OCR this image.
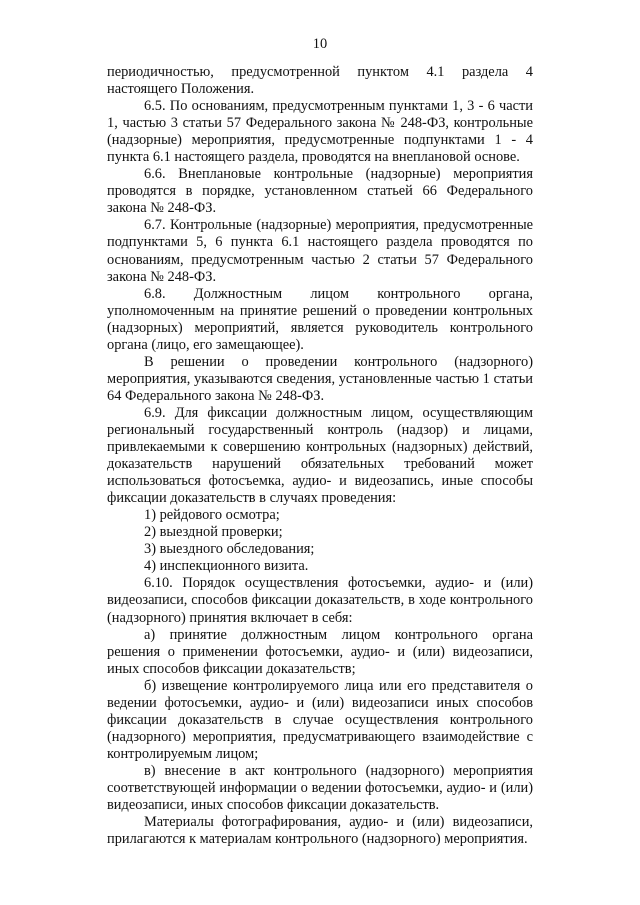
10

периодичностью, предусмотренной пунктом 4.1 раздела 4 настоящего Положения.

6.5. По основаниям, предусмотренным пунктами 1, 3 - 6 части 1, частью 3 статьи 57 Федерального закона № 248-ФЗ, контрольные (надзорные) мероприятия, предусмотренные подпунктами 1 - 4 пункта 6.1 настоящего раздела, проводятся на внеплановой основе.

6.6. Внеплановые контрольные (надзорные) мероприятия проводятся в порядке, установленном статьей 66 Федерального закона № 248-ФЗ.

6.7. Контрольные (надзорные) мероприятия, предусмотренные подпунктами 5, 6 пункта 6.1 настоящего раздела проводятся по основаниям, предусмотренным частью 2 статьи 57 Федерального закона № 248-ФЗ.

6.8. Должностным лицом контрольного органа, уполномоченным на принятие решений о проведении контрольных (надзорных) мероприятий, является руководитель контрольного органа (лицо, его замещающее).

В решении о проведении контрольного (надзорного) мероприятия, указываются сведения, установленные частью 1 статьи 64 Федерального закона № 248-ФЗ.

6.9. Для фиксации должностным лицом, осуществляющим региональный государственный контроль (надзор) и лицами, привлекаемыми к совершению контрольных (надзорных) действий, доказательств нарушений обязательных требований может использоваться фотосъемка, аудио- и видеозапись, иные способы фиксации доказательств в случаях проведения:

1) рейдового осмотра;

2) выездной проверки;

3) выездного обследования;

4) инспекционного визита.

6.10. Порядок осуществления фотосъемки, аудио- и (или) видеозаписи, способов фиксации доказательств, в ходе контрольного (надзорного) принятия включает в себя:

а) принятие должностным лицом контрольного органа решения о применении фотосъемки, аудио- и (или) видеозаписи, иных способов фиксации доказательств;

б) извещение контролируемого лица или его представителя о ведении фотосъемки, аудио- и (или) видеозаписи иных способов фиксации доказательств в случае осуществления контрольного (надзорного) мероприятия, предусматривающего взаимодействие с контролируемым лицом;

в) внесение в акт контрольного (надзорного) мероприятия соответствующей информации о ведении фотосъемки, аудио- и (или) видеозаписи, иных способов фиксации доказательств.

Материалы фотографирования, аудио- и (или) видеозаписи, прилагаются к материалам контрольного (надзорного) мероприятия.
